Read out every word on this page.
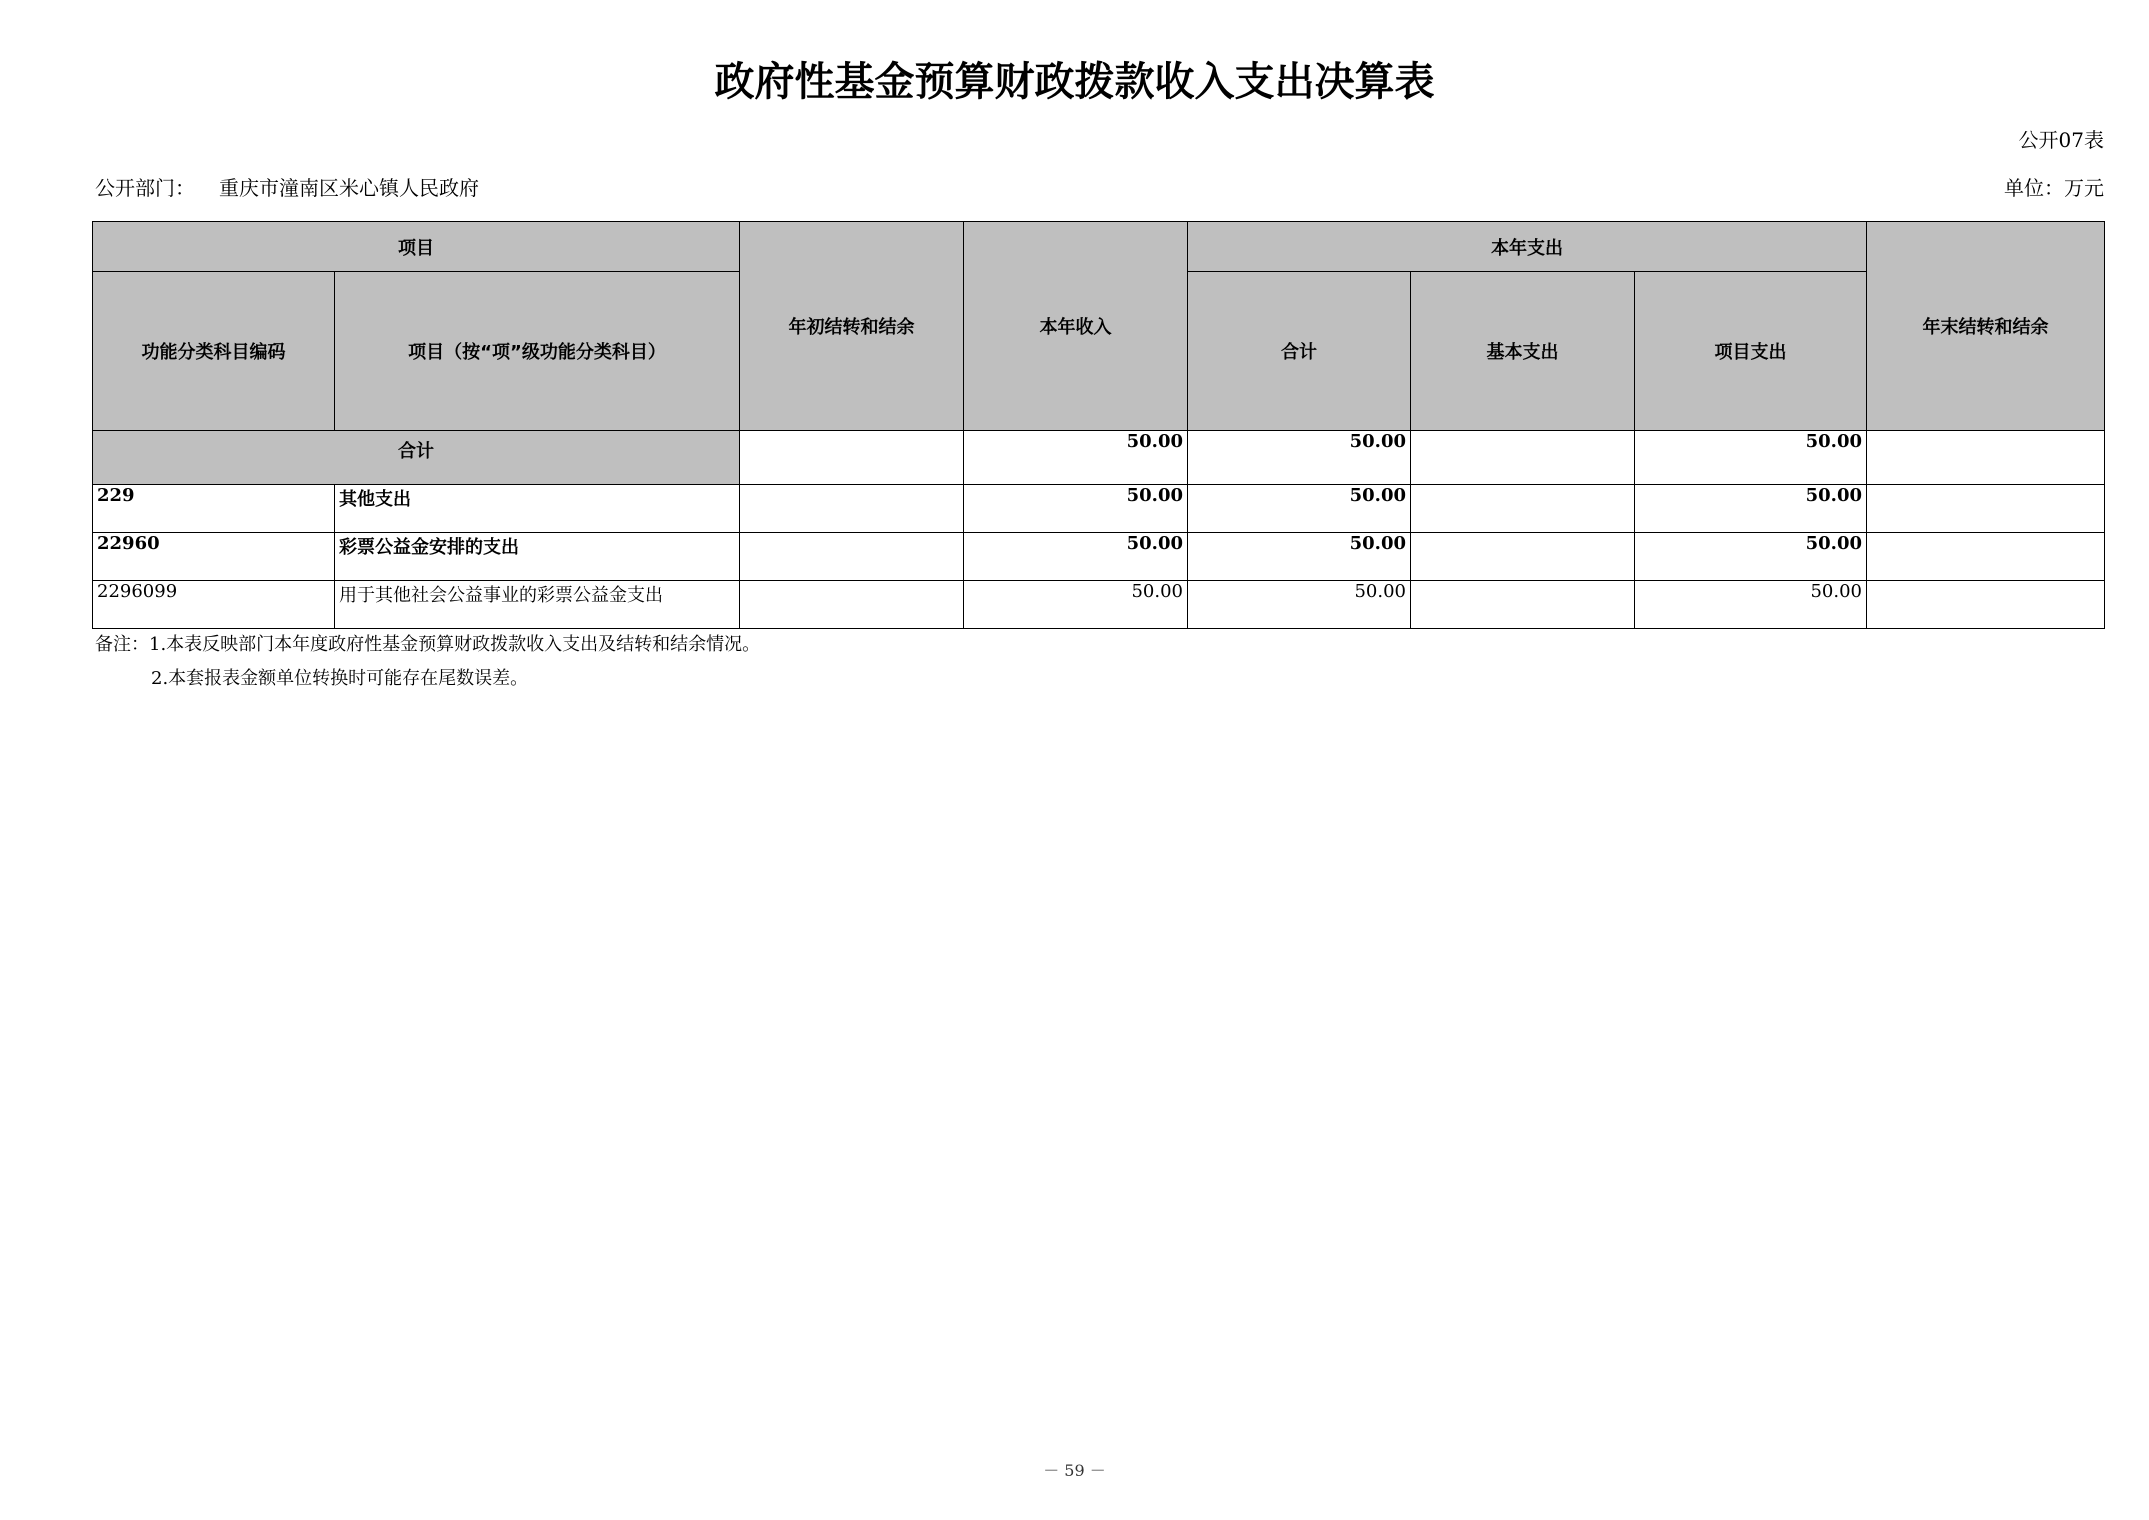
政府性基金预算财政拨款收入支出决算表
公开07表
公开部门： 重庆市潼南区米心镇人民政府	单位：万元
项目		年初结转和结余	本年收入	本年支出			年末结转和结余
功能分类科目编码	项目（按“项”级功能分类科目）			合计	基本支出	项目支出	
合计			50.00	50.00		50.00	
229	其他支出		50.00	50.00		50.00	
22960	彩票公益金安排的支出		50.00	50.00		50.00	
2296099	用于其他社会公益事业的彩票公益金支出		50.00	50.00		50.00	
备注：1.本表反映部门本年度政府性基金预算财政拨款收入支出及结转和结余情况。
2.本套报表金额单位转换时可能存在尾数误差。
－ 59 －
